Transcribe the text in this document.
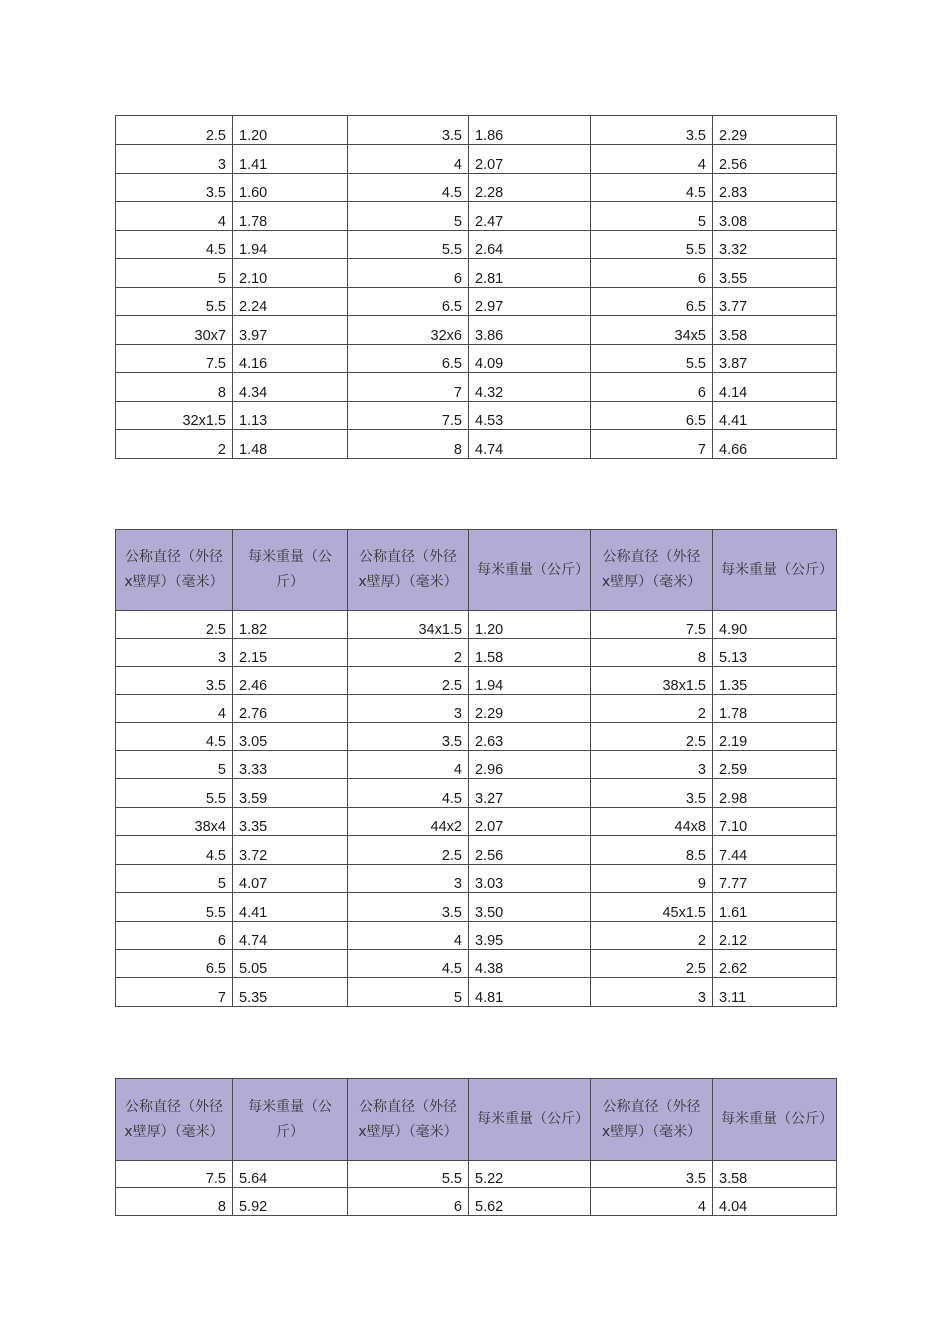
2.5	1.20	3.5	1.86	3.5	2.29
3	1.41	4	2.07	4	2.56
3.5	1.60	4.5	2.28	4.5	2.83
4	1.78	5	2.47	5	3.08
4.5	1.94	5.5	2.64	5.5	3.32
5	2.10	6	2.81	6	3.55
5.5	2.24	6.5	2.97	6.5	3.77
30x7	3.97	32x6	3.86	34x5	3.58
7.5	4.16	6.5	4.09	5.5	3.87
8	4.34	7	4.32	6	4.14
32x1.5	1.13	7.5	4.53	6.5	4.41
2	1.48	8	4.74	7	4.66
公称直径（外径x壁厚）（毫米）	每米重量（公斤）	公称直径（外径x壁厚）（毫米）	每米重量（公斤）	公称直径（外径x壁厚）（毫米）	每米重量（公斤）
2.5	1.82	34x1.5	1.20	7.5	4.90
3	2.15	2	1.58	8	5.13
3.5	2.46	2.5	1.94	38x1.5	1.35
4	2.76	3	2.29	2	1.78
4.5	3.05	3.5	2.63	2.5	2.19
5	3.33	4	2.96	3	2.59
5.5	3.59	4.5	3.27	3.5	2.98
38x4	3.35	44x2	2.07	44x8	7.10
4.5	3.72	2.5	2.56	8.5	7.44
5	4.07	3	3.03	9	7.77
5.5	4.41	3.5	3.50	45x1.5	1.61
6	4.74	4	3.95	2	2.12
6.5	5.05	4.5	4.38	2.5	2.62
7	5.35	5	4.81	3	3.11
公称直径（外径x壁厚）（毫米）	每米重量（公斤）	公称直径（外径x壁厚）（毫米）	每米重量（公斤）	公称直径（外径x壁厚）（毫米）	每米重量（公斤）
7.5	5.64	5.5	5.22	3.5	3.58
8	5.92	6	5.62	4	4.04
